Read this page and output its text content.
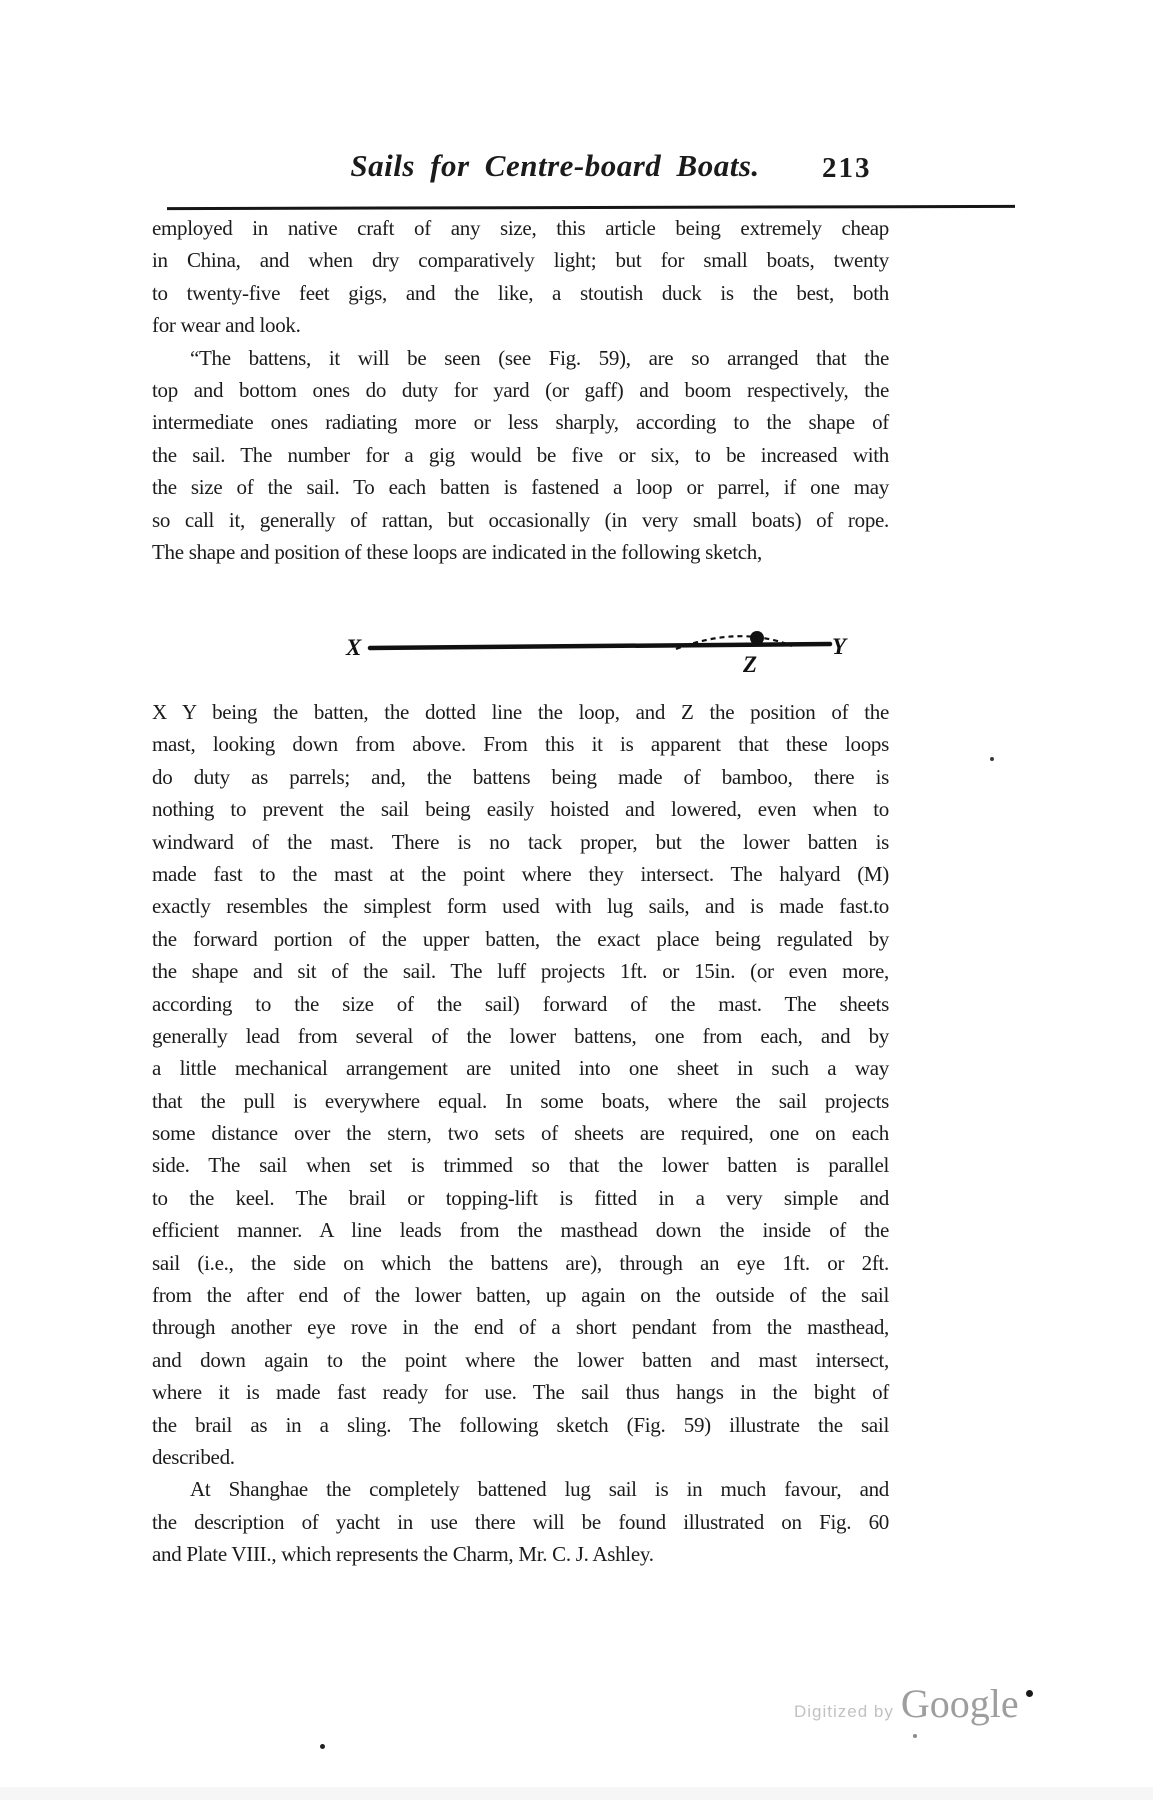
Sails for Centre-board Boats.	213
employed in native craft of any size, this article being extremely cheap
in China, and when dry comparatively light; but for small boats, twenty
to twenty-five feet gigs, and the like, a stoutish duck is the best, both
for wear and look.
“The battens, it will be seen (see Fig. 59), are so arranged that the
top and bottom ones do duty for yard (or gaff) and boom respectively, the
intermediate ones radiating more or less sharply, according to the shape of
the sail. The number for a gig would be five or six, to be increased with
the size of the sail. To each batten is fastened a loop or parrel, if one may
so call it, generally of rattan, but occasionally (in very small boats) of rope.
The shape and position of these loops are indicated in the following sketch,
X
Z
Y
X Y being the batten, the dotted line the loop, and Z the position of the
mast, looking down from above. From this it is apparent that these loops
do duty as parrels; and, the battens being made of bamboo, there is
nothing to prevent the sail being easily hoisted and lowered, even when to
windward of the mast. There is no tack proper, but the lower batten is
made fast to the mast at the point where they intersect. The halyard (M)
exactly resembles the simplest form used with lug sails, and is made fast.to
the forward portion of the upper batten, the exact place being regulated by
the shape and sit of the sail. The luff projects 1ft. or 15in. (or even more,
according to the size of the sail) forward of the mast. The sheets
generally lead from several of the lower battens, one from each, and by
a little mechanical arrangement are united into one sheet in such a way
that the pull is everywhere equal. In some boats, where the sail projects
some distance over the stern, two sets of sheets are required, one on each
side. The sail when set is trimmed so that the lower batten is parallel
to the keel. The brail or topping-lift is fitted in a very simple and
efficient manner. A line leads from the masthead down the inside of the
sail (i.e., the side on which the battens are), through an eye 1ft. or 2ft.
from the after end of the lower batten, up again on the outside of the sail
through another eye rove in the end of a short pendant from the masthead,
and down again to the point where the lower batten and mast intersect,
where it is made fast ready for use. The sail thus hangs in the bight of
the brail as in a sling. The following sketch (Fig. 59) illustrate the sail
described.
At Shanghae the completely battened lug sail is in much favour, and
the description of yacht in use there will be found illustrated on Fig. 60
and Plate VIII., which represents the Charm, Mr. C. J. Ashley.
Digitized by Google
